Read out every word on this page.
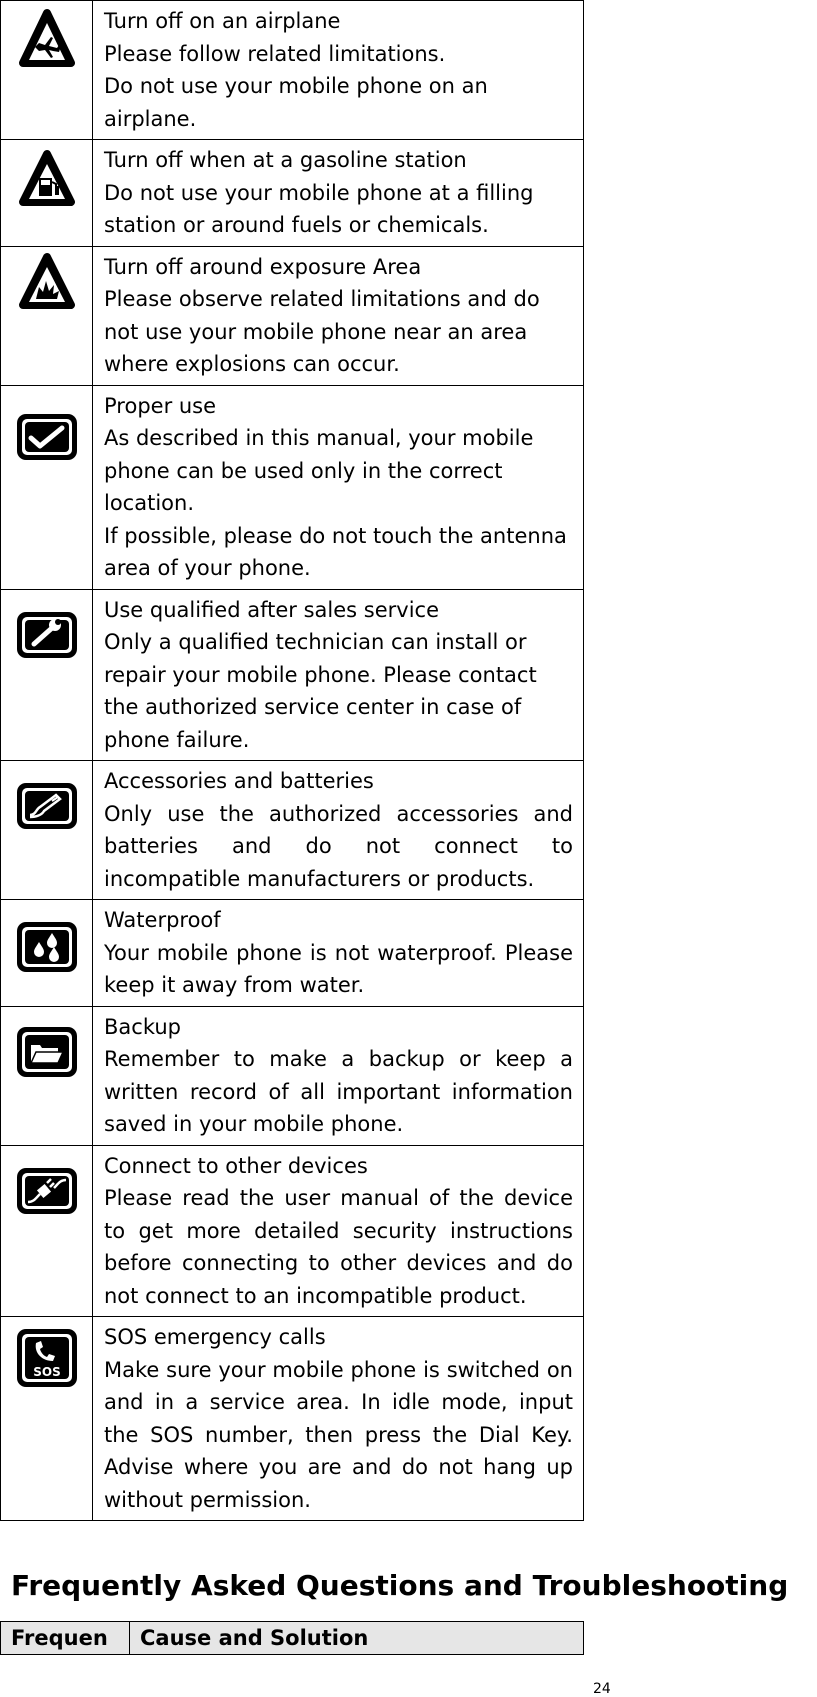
Turn off on an airplane
Please follow related limitations.
Do not use your mobile phone on an airplane.

Turn off when at a gasoline station
Do not use your mobile phone at a filling station or around fuels or chemicals.

Turn off around exposure Area
Please observe related limitations and do not use your mobile phone near an area where explosions can occur.

Proper use
As described in this manual, your mobile phone can be used only in the correct location.
If possible, please do not touch the antenna area of your phone.

Use qualified after sales service
Only a qualified technician can install or repair your mobile phone. Please contact the authorized service center in case of phone failure.

Accessories and batteries
Only use the authorized accessories and batteries and do not connect to incompatible manufacturers or products.

Waterproof
Your mobile phone is not waterproof. Please keep it away from water.

Backup
Remember to make a backup or keep a written record of all important information saved in your mobile phone.

Connect to other devices
Please read the user manual of the device to get more detailed security instructions before connecting to other devices and do not connect to an incompatible product.

SOS	SOS emergency calls
Make sure your mobile phone is switched on and in a service area. In idle mode, input the SOS number, then press the Dial Key. Advise where you are and do not hang up without permission.
Frequently Asked Questions and Troubleshooting
Frequen	Cause and Solution
24
